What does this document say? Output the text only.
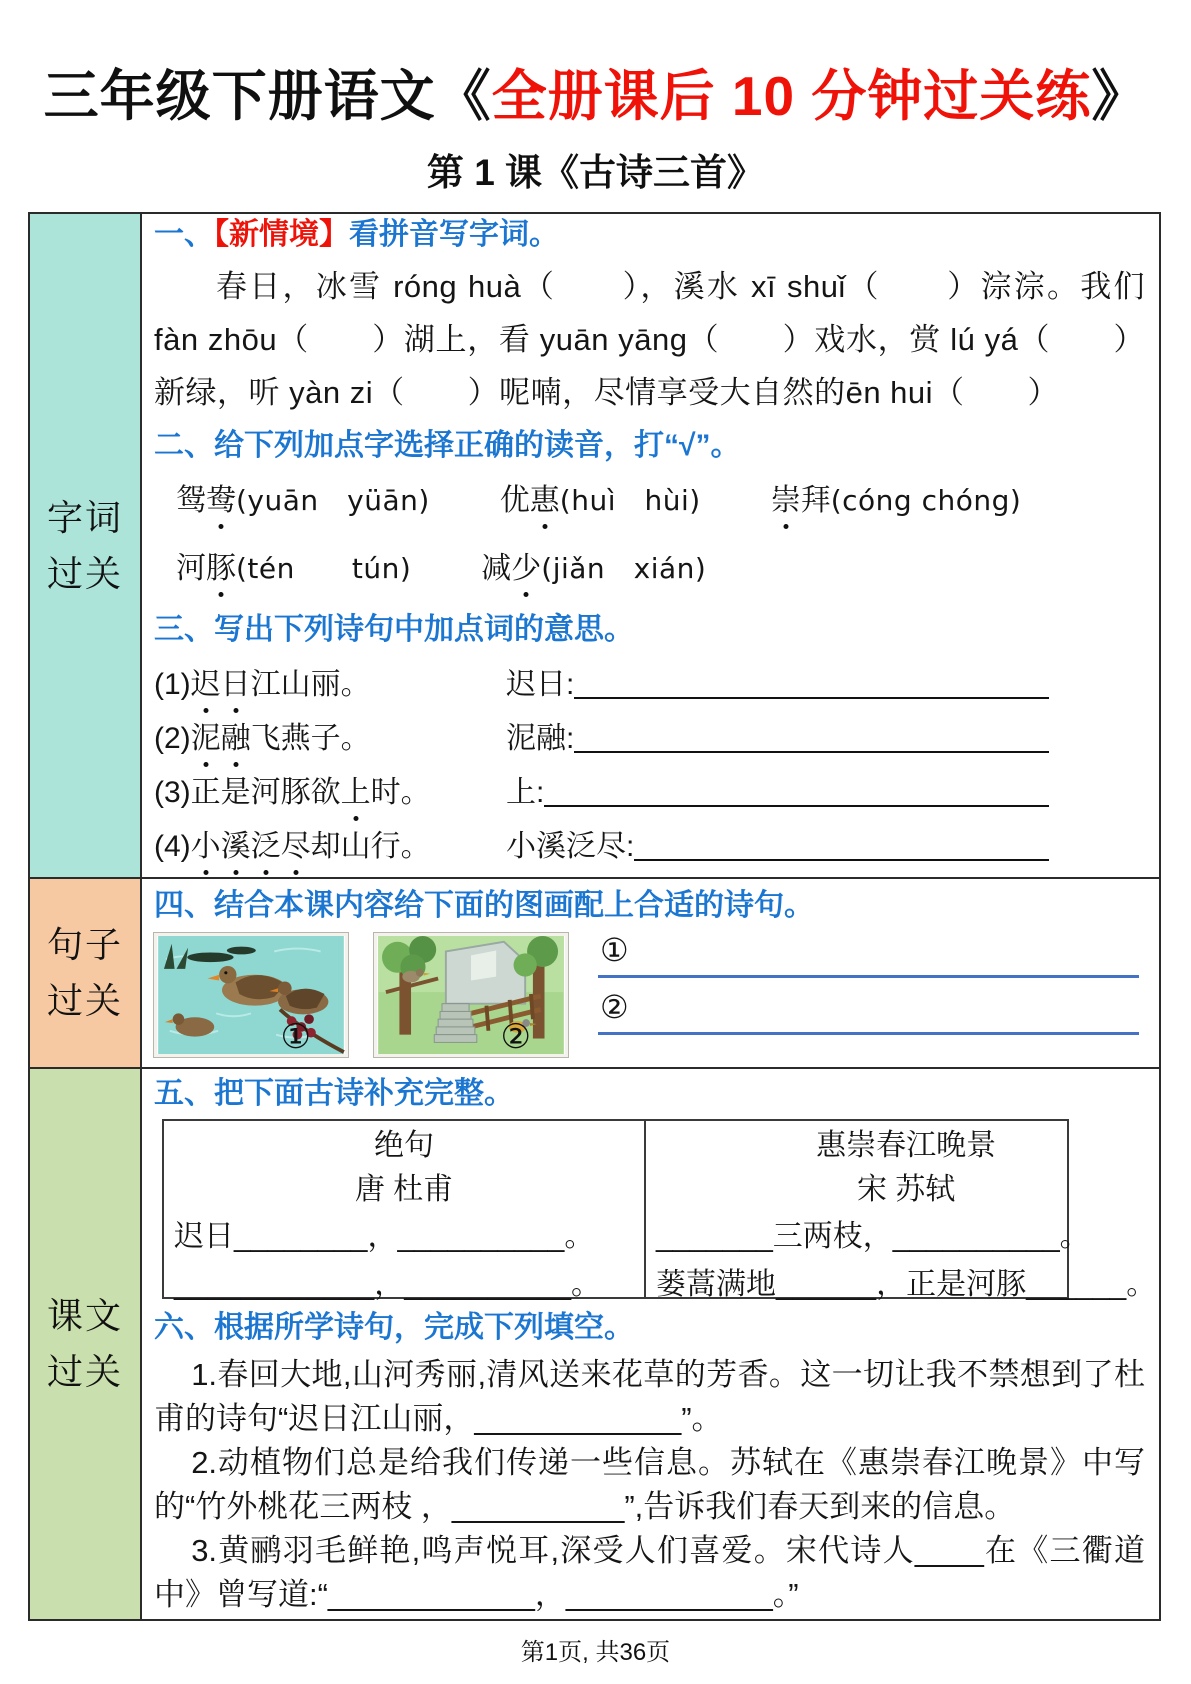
三年级下册语文《全册课后 10 分钟过关练》
第 1 课《古诗三首》
字词
过关
一、【新情境】看拼音写字词。
春日，冰雪 róng huà（　　），溪水 xī shuǐ（　　）淙淙。我们 fàn zhōu（　　）湖上，看 yuān yāng（　　）戏水，赏 lú yá（　　）新绿，听 yàn zi（　　）呢喃，尽情享受大自然的ēn hui（　　）
二、给下列加点字选择正确的读音，打“√”。
鸳鸯(yuān　yüān) 优惠(huì　hùi) 崇拜(cóng chóng)
河豚(tén　　tún) 减少(jiǎn　xián)
三、写出下列诗句中加点词的意思。
(1)迟日江山丽。	迟日:
(2)泥融飞燕子。	泥融:
(3)正是河豚欲上时。	上:
(4)小溪泛尽却山行。	小溪泛尽:
句子
过关
四、结合本课内容给下面的图画配上合适的诗句。
①	②
①
②
课文
过关
五、把下面古诗补充完整。
绝句
唐 杜甫
迟日________，__________。
____________，__________。
惠崇春江晚景
宋 苏轼
_______三两枝，__________。
蒌蒿满地______，正是河豚______。
六、根据所学诗句，完成下列填空。

1.春回大地,山河秀丽,清风送来花草的芳香。这一切让我不禁想到了杜甫的诗句“迟日江山丽，____________”。

2.动植物们总是给我们传递一些信息。苏轼在《惠崇春江晚景》中写的“竹外桃花三两枝 ，__________”,告诉我们春天到来的信息。

3.黄鹂羽毛鲜艳,鸣声悦耳,深受人们喜爱。宋代诗人____在《三衢道中》曾写道:“____________，____________。”

第1页, 共36页
